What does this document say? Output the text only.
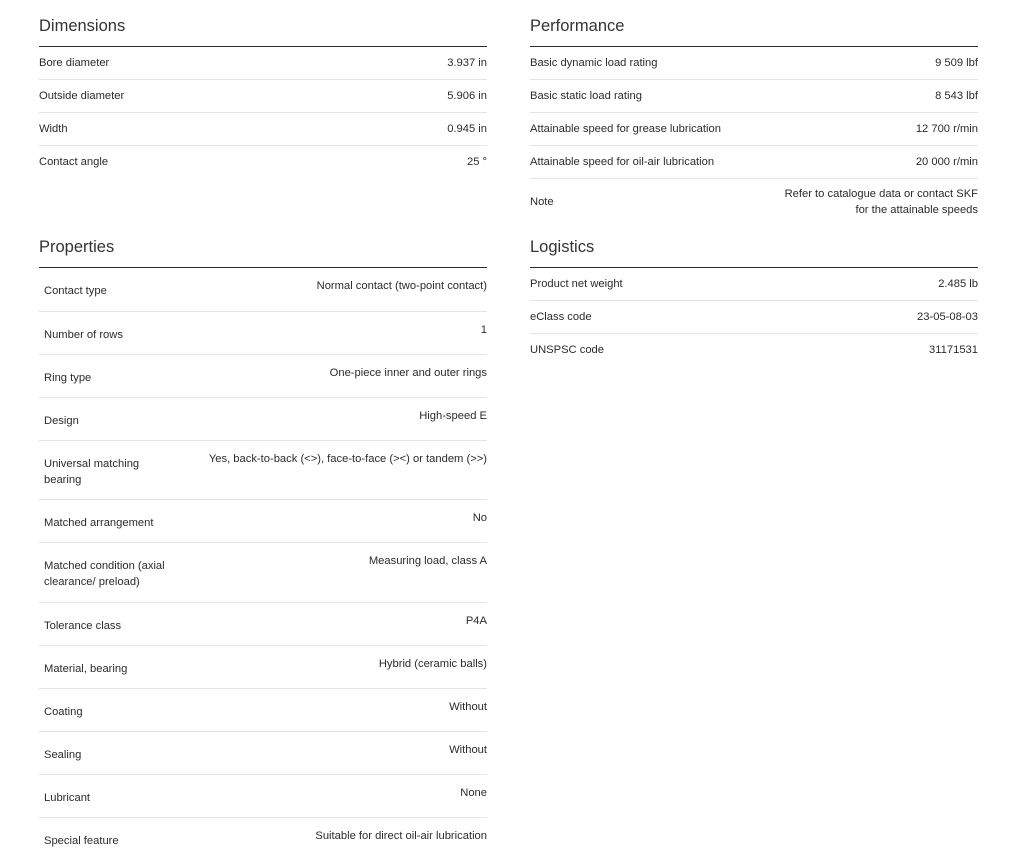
Dimensions
Bore diameter	3.937 in
Outside diameter	5.906 in
Width	0.945 in
Contact angle	25 °
Performance
Basic dynamic load rating	9 509 lbf
Basic static load rating	8 543 lbf
Attainable speed for grease lubrication	12 700 r/min
Attainable speed for oil-air lubrication	20 000 r/min
Note	Refer to catalogue data or contact SKF
for the attainable speeds
Properties
Contact type	Normal contact (two-point contact)
Number of rows	1
Ring type	One-piece inner and outer rings
Design	High-speed E
Universal matching
bearing	Yes, back-to-back (<>), face-to-face (><) or tandem (>>)
Matched arrangement	No
Matched condition (axial
clearance/ preload)	Measuring load, class A
Tolerance class	P4A
Material, bearing	Hybrid (ceramic balls)
Coating	Without
Sealing	Without
Lubricant	None
Special feature	Suitable for direct oil-air lubrication
Logistics
Product net weight	2.485 lb
eClass code	23-05-08-03
UNSPSC code	31171531
